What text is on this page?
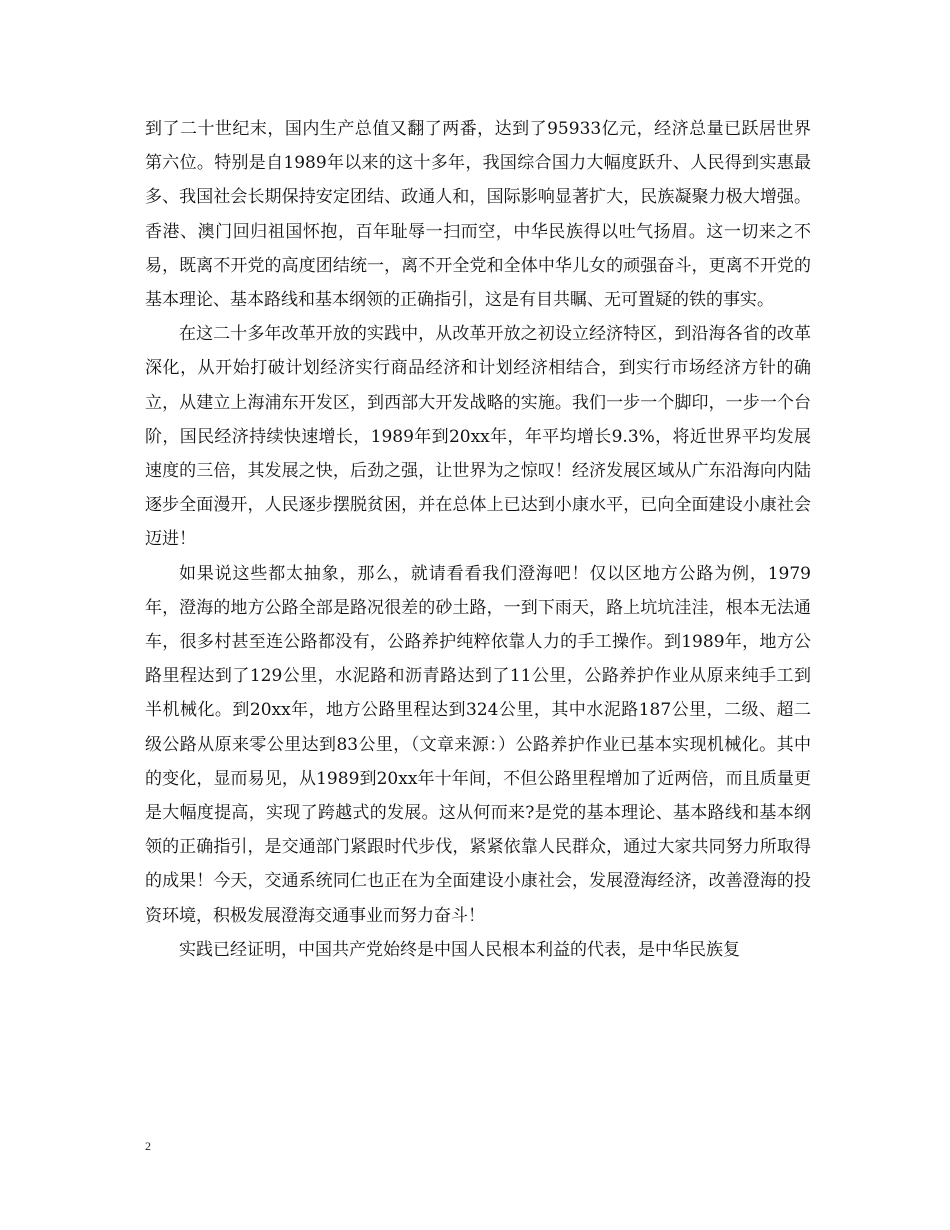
到了二十世纪末，国内生产总值又翻了两番，达到了95933亿元，经济总量已跃居世界第六位。特别是自1989年以来的这十多年，我国综合国力大幅度跃升、人民得到实惠最多、我国社会长期保持安定团结、政通人和，国际影响显著扩大，民族凝聚力极大增强。香港、澳门回归祖国怀抱，百年耻辱一扫而空，中华民族得以吐气扬眉。这一切来之不易，既离不开党的高度团结统一，离不开全党和全体中华儿女的顽强奋斗，更离不开党的基本理论、基本路线和基本纲领的正确指引，这是有目共瞩、无可置疑的铁的事实。

在这二十多年改革开放的实践中，从改革开放之初设立经济特区，到沿海各省的改革深化，从开始打破计划经济实行商品经济和计划经济相结合，到实行市场经济方针的确立，从建立上海浦东开发区，到西部大开发战略的实施。我们一步一个脚印，一步一个台阶，国民经济持续快速增长，1989年到20xx年，年平均增长9.3%，将近世界平均发展速度的三倍，其发展之快，后劲之强，让世界为之惊叹！经济发展区域从广东沿海向内陆逐步全面漫开，人民逐步摆脱贫困，并在总体上已达到小康水平，已向全面建设小康社会迈进！

如果说这些都太抽象，那么，就请看看我们澄海吧！仅以区地方公路为例，1979年，澄海的地方公路全部是路况很差的砂土路，一到下雨天，路上坑坑洼洼，根本无法通车，很多村甚至连公路都没有，公路养护纯粹依靠人力的手工操作。到1989年，地方公路里程达到了129公里，水泥路和沥青路达到了11公里，公路养护作业从原来纯手工到半机械化。到20xx年，地方公路里程达到324公里，其中水泥路187公里，二级、超二级公路从原来零公里达到83公里，（文章来源：）公路养护作业已基本实现机械化。其中的变化，显而易见，从1989到20xx年十年间，不但公路里程增加了近两倍，而且质量更是大幅度提高，实现了跨越式的发展。这从何而来?是党的基本理论、基本路线和基本纲领的正确指引，是交通部门紧跟时代步伐，紧紧依靠人民群众，通过大家共同努力所取得的成果！今天，交通系统同仁也正在为全面建设小康社会，发展澄海经济，改善澄海的投资环境，积极发展澄海交通事业而努力奋斗！

实践已经证明，中国共产党始终是中国人民根本利益的代表，是中华民族复

2
